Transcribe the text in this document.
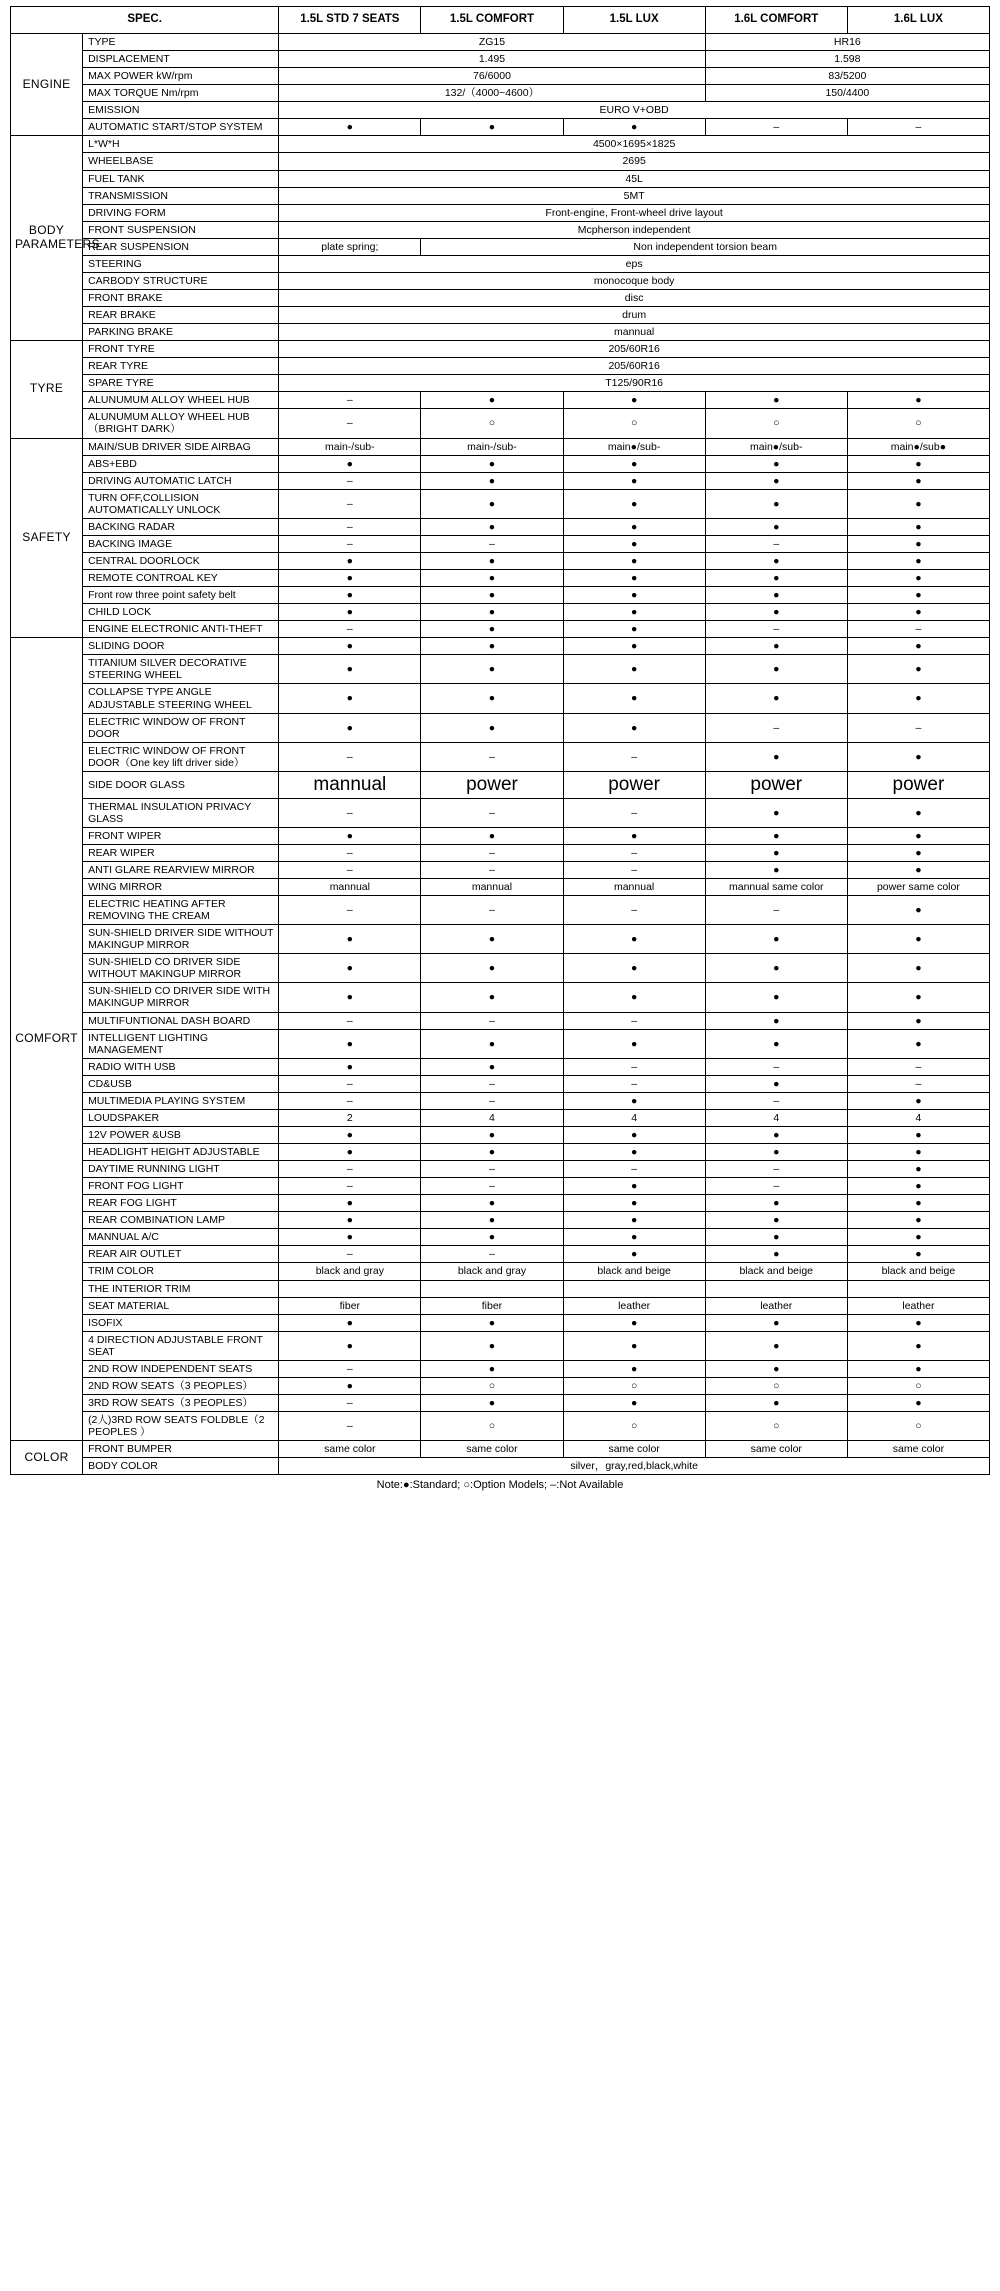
SPEC.		1.5L STD 7 SEATS	1.5L COMFORT	1.5L LUX	1.6L COMFORT	1.6L LUX
ENGINE	TYPE	ZG15			HR16	
	DISPLACEMENT	1.495			1.598	
	MAX POWER kW/rpm	76/6000			83/5200	
	MAX TORQUE Nm/rpm	132/（4000~4600）			150/4400	
	EMISSION	EURO V+OBD				
	AUTOMATIC START/STOP SYSTEM	●	●	●	–	–
BODY PARAMETERS	L*W*H	4500×1695×1825				
	WHEELBASE	2695				
	FUEL TANK	45L				
	TRANSMISSION	5MT				
	DRIVING FORM	Front-engine, Front-wheel drive layout				
	FRONT SUSPENSION	Mcpherson independent				
	REAR SUSPENSION	plate spring;	Non independent torsion beam			
	STEERING	eps				
	CARBODY STRUCTURE	monocoque body				
	FRONT BRAKE	disc				
	REAR BRAKE	drum				
	PARKING BRAKE	mannual				
TYRE	FRONT TYRE	205/60R16				
	REAR TYRE	205/60R16				
	SPARE TYRE	T125/90R16				
	ALUNUMUM ALLOY WHEEL HUB	–	●	●	●	●
	ALUNUMUM ALLOY WHEEL HUB（BRIGHT DARK）	–	○	○	○	○
SAFETY	MAIN/SUB DRIVER SIDE AIRBAG	main-/sub-	main-/sub-	main●/sub-	main●/sub-	main●/sub●
	ABS+EBD	●	●	●	●	●
	DRIVING AUTOMATIC LATCH	–	●	●	●	●
	TURN OFF,COLLISION AUTOMATICALLY UNLOCK	–	●	●	●	●
	BACKING RADAR	–	●	●	●	●
	BACKING IMAGE	–	–	●	–	●
	CENTRAL DOORLOCK	●	●	●	●	●
	REMOTE CONTROAL KEY	●	●	●	●	●
	Front row three point safety belt	●	●	●	●	●
	CHILD LOCK	●	●	●	●	●
	ENGINE ELECTRONIC ANTI-THEFT	–	●	●	–	–
COMFORT	SLIDING DOOR	●	●	●	●	●
	TITANIUM SILVER DECORATIVE STEERING WHEEL	●	●	●	●	●
	COLLAPSE TYPE ANGLE ADJUSTABLE STEERING WHEEL	●	●	●	●	●
	ELECTRIC WINDOW OF FRONT DOOR	●	●	●	–	–
	ELECTRIC WINDOW OF FRONT DOOR（One key lift driver side）	–	–	–	●	●
	SIDE DOOR GLASS	mannual	power	power	power	power
	THERMAL INSULATION PRIVACY GLASS	–	–	–	●	●
	FRONT WIPER	●	●	●	●	●
	REAR WIPER	–	–	–	●	●
	ANTI GLARE REARVIEW MIRROR	–	–	–	●	●
	WING MIRROR	mannual	mannual	mannual	mannual same color	power same color
	ELECTRIC HEATING AFTER REMOVING THE CREAM	–	–	–	–	●
	SUN-SHIELD DRIVER SIDE WITHOUT MAKINGUP MIRROR	●	●	●	●	●
	SUN-SHIELD CO DRIVER SIDE WITHOUT MAKINGUP MIRROR	●	●	●	●	●
	SUN-SHIELD CO DRIVER SIDE WITH MAKINGUP MIRROR	●	●	●	●	●
	MULTIFUNTIONAL DASH BOARD	–	–	–	●	●
	INTELLIGENT LIGHTING MANAGEMENT	●	●	●	●	●
	RADIO WITH USB	●	●	–	–	–
	CD&USB	–	–	–	●	–
	MULTIMEDIA PLAYING SYSTEM	–	–	●	–	●
	LOUDSPAKER	2	4	4	4	4
	12V POWER &USB	●	●	●	●	●
	HEADLIGHT HEIGHT ADJUSTABLE	●	●	●	●	●
	DAYTIME RUNNING LIGHT	–	–	–	–	●
	FRONT FOG LIGHT	–	–	●	–	●
	REAR FOG LIGHT	●	●	●	●	●
	REAR COMBINATION LAMP	●	●	●	●	●
	MANNUAL A/C	●	●	●	●	●
	REAR AIR OUTLET	–	–	●	●	●
	TRIM COLOR	black and gray	black and gray	black and beige	black and beige	black and beige
	THE INTERIOR TRIM					
	SEAT MATERIAL	fiber	fiber	leather	leather	leather
	ISOFIX	●	●	●	●	●
	4 DIRECTION ADJUSTABLE FRONT SEAT	●	●	●	●	●
	2ND ROW INDEPENDENT SEATS	–	●	●	●	●
	2ND ROW SEATS（3 PEOPLES）	●	○	○	○	○
	3RD ROW SEATS（3 PEOPLES）	–	●	●	●	●
	(2人)3RD ROW SEATS FOLDBLE（2 PEOPLES ）	–	○	○	○	○
COLOR	FRONT BUMPER	same color	same color	same color	same color	same color
	BODY COLOR	silver，gray,red,black,white				
Note:●:Standard; ○:Option Models; –:Not Available
